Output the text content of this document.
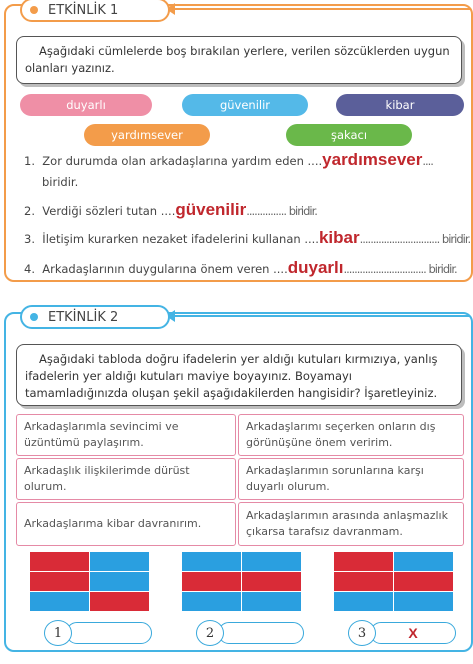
ETKİNLİK 1
Aşağıdaki cümlelerde boş bırakılan yerlere, verilen sözcüklerden uygun olanları yazınız.
duyarlı	güvenilir	kibar
yardımsever	şakacı
1. Zor durumda olan arkadaşlarına yardım eden ....yardımsever....
biridir.
2. Verdiği sözleri tutan ....güvenilir............... biridir.
3. İletişim kurarken nezaket ifadelerini kullanan ....kibar.............................. biridir.
4. Arkadaşlarının duygularına önem veren ....duyarlı............................... biridir.
ETKİNLİK 2
Aşağıdaki tabloda doğru ifadelerin yer aldığı kutuları kırmızıya, yanlış ifadelerin yer aldığı kutuları maviye boyayınız. Boyamayı tamamladığınızda oluşan şekil aşağıdakilerden hangisidir? İşaretleyiniz.
Arkadaşlarımla sevincimi ve üzüntümü paylaşırım.
Arkadaşlarımı seçerken onların dış görünüşüne önem veririm.
Arkadaşlık ilişkilerimde dürüst olurum.
Arkadaşlarımın sorunlarına karşı duyarlı olurum.
Arkadaşlarıma kibar davranırım.
Arkadaşlarımın arasında anlaşmazlık çıkarsa tarafsız davranmam.
1	2	3	X
